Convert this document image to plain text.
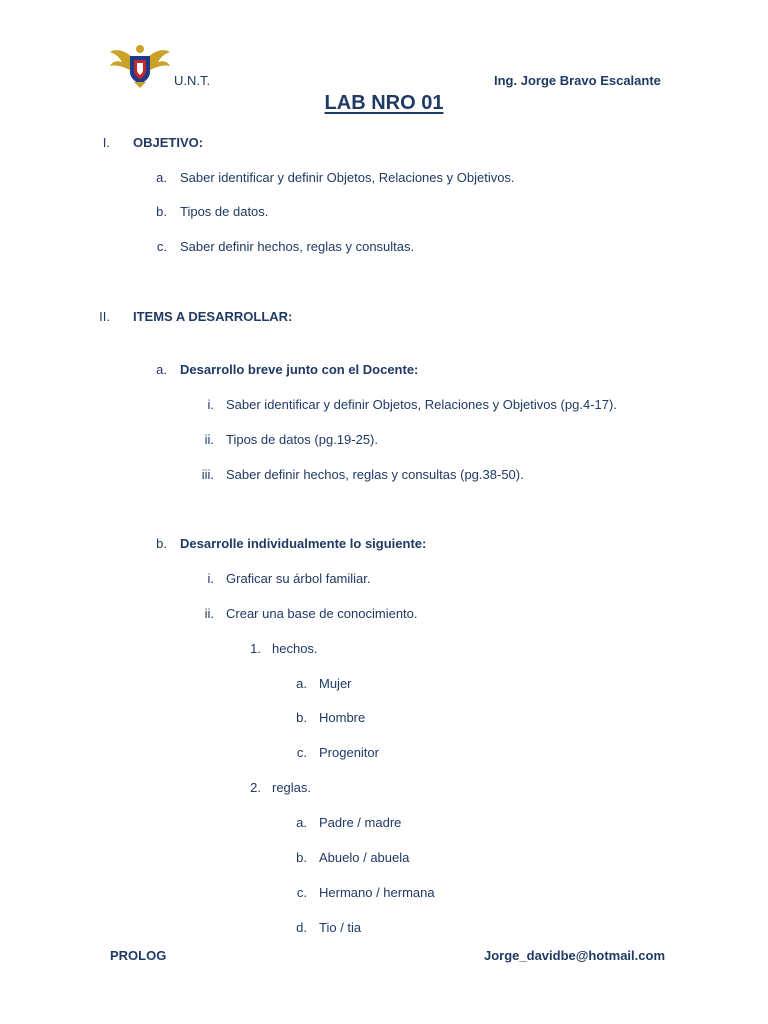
U.N.T.	Ing. Jorge Bravo Escalante
LAB NRO 01
I. OBJETIVO:
a. Saber identificar y definir Objetos, Relaciones y Objetivos.
b. Tipos de datos.
c. Saber definir hechos, reglas y consultas.
II. ITEMS A DESARROLLAR:
a. Desarrollo breve junto con el Docente:
i. Saber identificar y definir Objetos, Relaciones y Objetivos (pg.4-17).
ii. Tipos de datos (pg.19-25).
iii. Saber definir hechos, reglas y consultas (pg.38-50).
b. Desarrolle individualmente lo siguiente:
i. Graficar su árbol familiar.
ii. Crear una base de conocimiento.
1. hechos.
a. Mujer
b. Hombre
c. Progenitor
2. reglas.
a. Padre / madre
b. Abuelo / abuela
c. Hermano / hermana
d. Tio / tia
PROLOG	Jorge_davidbe@hotmail.com
